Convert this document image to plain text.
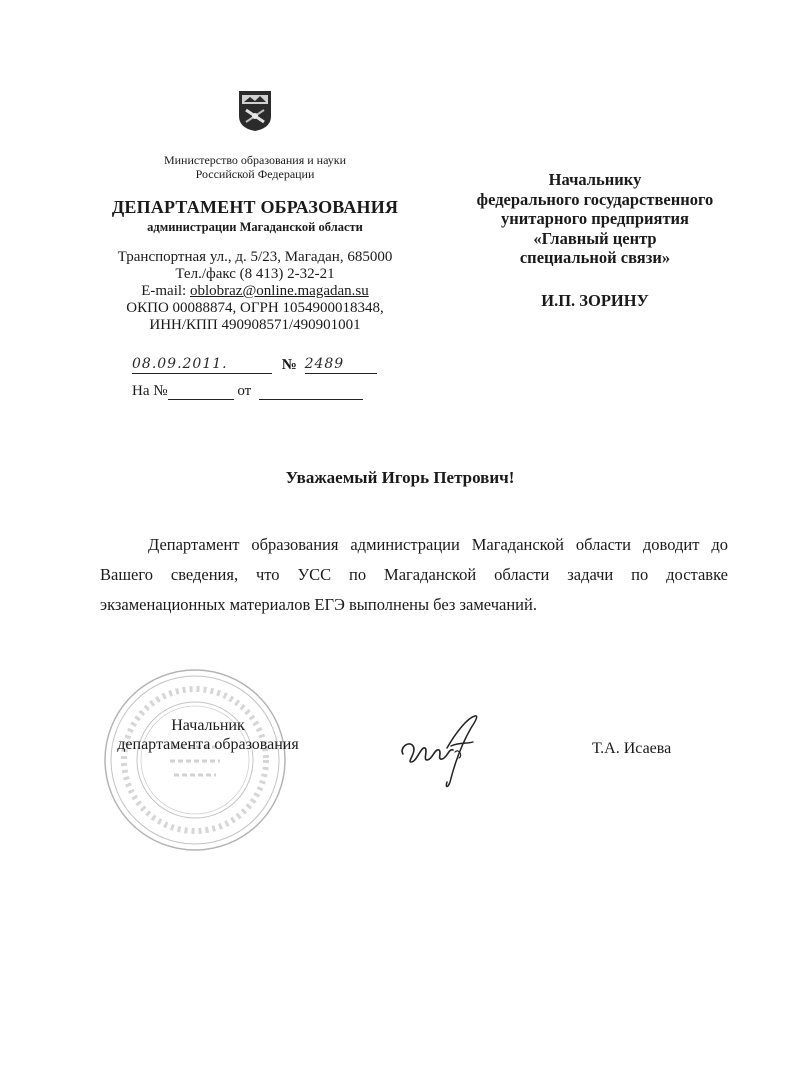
Министерство образования и науки
Российской Федерации
ДЕПАРТАМЕНТ ОБРАЗОВАНИЯ
администрации Магаданской области
Транспортная ул., д. 5/23, Магадан, 685000
Тел./факс (8 413) 2-32-21
E-mail: oblobraz@online.magadan.su
ОКПО 00088874, ОГРН 1054900018348,
ИНН/КПП 490908571/490901001
08.09.2011.	№ 2489
На №	от
Начальнику
федерального государственного
унитарного предприятия
«Главный центр
специальной связи»
И.П. ЗОРИНУ
Уважаемый Игорь Петрович!
Департамент образования администрации Магаданской области доводит до Вашего сведения, что УСС по Магаданской области задачи по доставке экзаменационных материалов ЕГЭ выполнены без замечаний.
Начальник
департамента образования	Т.А. Исаева
